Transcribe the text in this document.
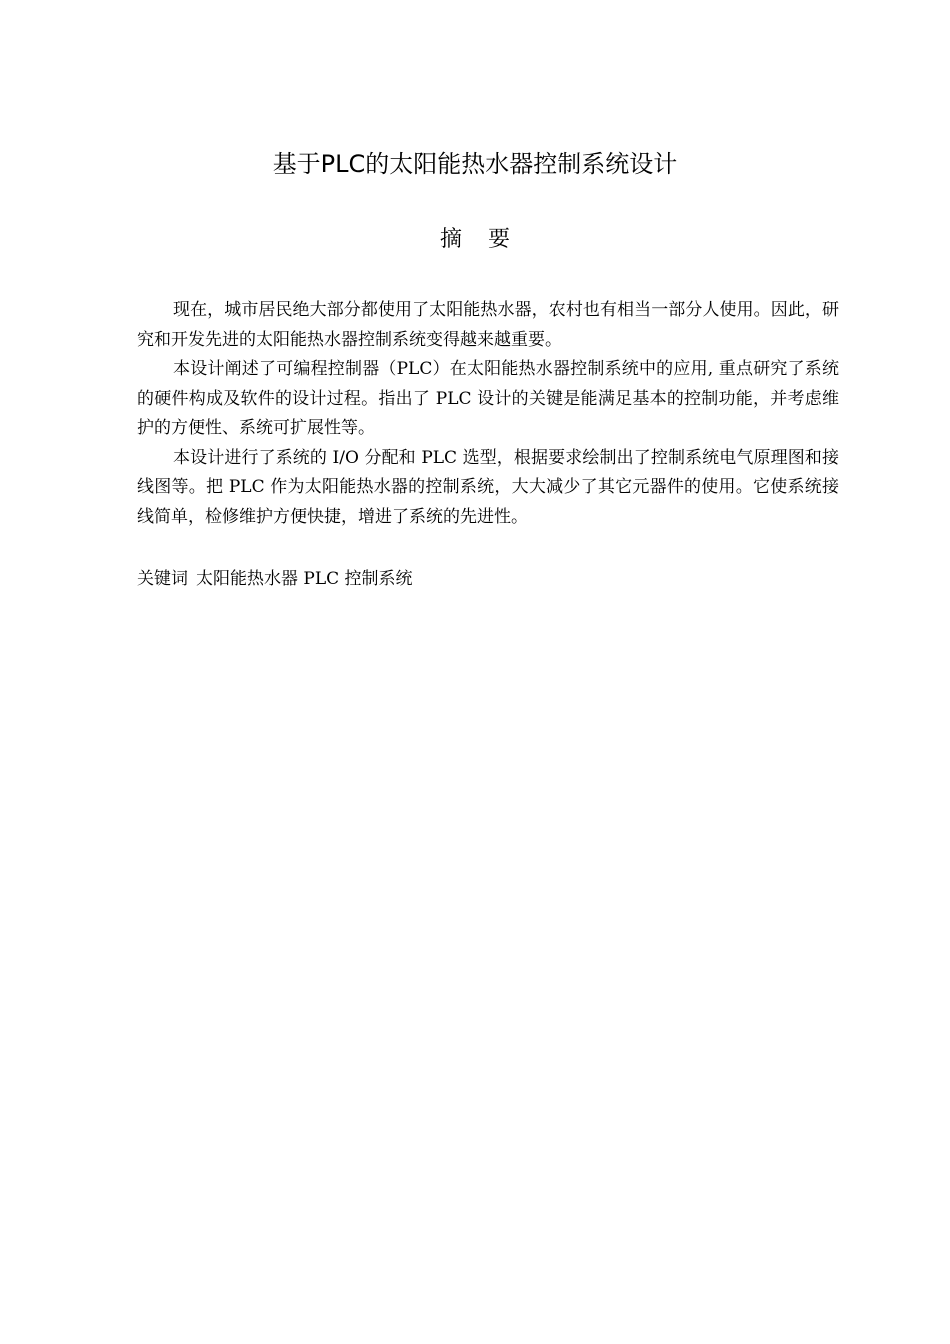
基于PLC的太阳能热水器控制系统设计
摘要

现在，城市居民绝大部分都使用了太阳能热水器，农村也有相当一部分人使用。因此，研究和开发先进的太阳能热水器控制系统变得越来越重要。

本设计阐述了可编程控制器（PLC）在太阳能热水器控制系统中的应用, 重点研究了系统的硬件构成及软件的设计过程。指出了 PLC 设计的关键是能满足基本的控制功能，并考虑维护的方便性、系统可扩展性等。

本设计进行了系统的 I/O 分配和 PLC 选型，根据要求绘制出了控制系统电气原理图和接线图等。把 PLC 作为太阳能热水器的控制系统，大大减少了其它元器件的使用。它使系统接线简单，检修维护方便快捷，增进了系统的先进性。

关键词 太阳能热水器 PLC 控制系统
